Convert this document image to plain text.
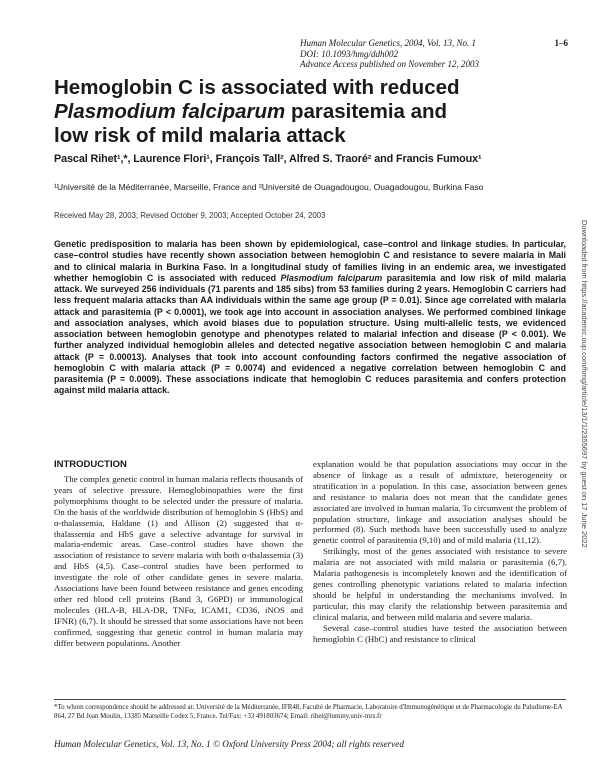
Human Molecular Genetics, 2004, Vol. 13, No. 1	1–6
DOI: 10.1093/hmg/ddh002
Advance Access published on November 12, 2003
Hemoglobin C is associated with reduced
Plasmodium falciparum parasitemia and
low risk of mild malaria attack
Pascal Rihet¹,*, Laurence Flori¹, François Tall², Alfred S. Traoré² and Francis Fumoux¹
¹Université de la Méditerranée, Marseille, France and ²Université de Ouagadougou, Ouagadougou, Burkina Faso
Received May 28, 2003; Revised October 9, 2003; Accepted October 24, 2003
Genetic predisposition to malaria has been shown by epidemiological, case–control and linkage studies. In particular, case–control studies have recently shown association between hemoglobin C and resistance to severe malaria in Mali and to clinical malaria in Burkina Faso. In a longitudinal study of families living in an endemic area, we investigated whether hemoglobin C is associated with reduced Plasmodium falciparum parasitemia and low risk of mild malaria attack. We surveyed 256 individuals (71 parents and 185 sibs) from 53 families during 2 years. Hemoglobin C carriers had less frequent malaria attacks than AA individuals within the same age group (P = 0.01). Since age correlated with malaria attack and parasitemia (P < 0.0001), we took age into account in association analyses. We performed combined linkage and association analyses, which avoid biases due to population structure. Using multi-allelic tests, we evidenced association between hemoglobin genotype and phenotypes related to malarial infection and disease (P < 0.001). We further analyzed individual hemoglobin alleles and detected negative association between hemoglobin C and malaria attack (P = 0.00013). Analyses that took into account confounding factors confirmed the negative association of hemoglobin C with malaria attack (P = 0.0074) and evidenced a negative correlation between hemoglobin C and parasitemia (P = 0.0009). These associations indicate that hemoglobin C reduces parasitemia and confers protection against mild malaria attack.	Downloaded from https://academic.oup.com/hmg/article/13/1/1/2355697 by guest on 17 June 2022
INTRODUCTION

The complex genetic control in human malaria reflects thousands of years of selective pressure. Hemoglobinopathies were the first polymorphisms thought to be selected under the pressure of malaria. On the basis of the worldwide distribution of hemoglobin S (HbS) and α-thalassemia, Haldane (1) and Allison (2) suggested that α-thalassemia and HbS gave a selective advantage for survival in malaria-endemic areas. Case–control studies have shown the association of resistance to severe malaria with both α-thalassemia (3) and HbS (4,5). Case–control studies have been performed to investigate the role of other candidate genes in severe malaria. Associations have been found between resistance and genes encoding other red blood cell proteins (Band 3, G6PD) or immunological molecules (HLA-B, HLA-DR, TNFα, ICAM1, CD36, iNOS and IFNR) (6,7). It should be stressed that some associations have not been confirmed, suggesting that genetic control in human malaria may differ between populations. Another

explanation would be that population associations may occur in the absence of linkage as a result of admixture, heterogeneity or stratification in a population. In this case, association between genes and resistance to malaria does not mean that the candidate genes associated are involved in human malaria. To circumvent the problem of population structure, linkage and association analyses should be performed (8). Such methods have been successfully used to analyze genetic control of parasitemia (9,10) and of mild malaria (11,12).

Strikingly, most of the genes associated with resistance to severe malaria are not associated with mild malaria or parasitemia (6,7). Malaria pathogenesis is incompletely known and the identification of genes controlling phenotypic variations related to malaria infection should be helpful in understanding the mechanisms involved. In particular, this may clarify the relationship between parasitemia and clinical malaria, and between mild malaria and severe malaria.

Several case–control studies have tested the association between hemoglobin C (HbC) and resistance to clinical

*To whom correspondence should be addressed at: Université de la Méditerranée, IFR48, Faculté de Pharmacie, Laboratoire d'Immunogénétique et de Pharmacologie du Paludisme-EA 864, 27 Bd Jean Moulin, 13385 Marseille Cedex 5, France. Tel/Fax: +33 491803674; Email: rihet@luminy.univ-mrs.fr
Human Molecular Genetics, Vol. 13, No. 1 © Oxford University Press 2004; all rights reserved
